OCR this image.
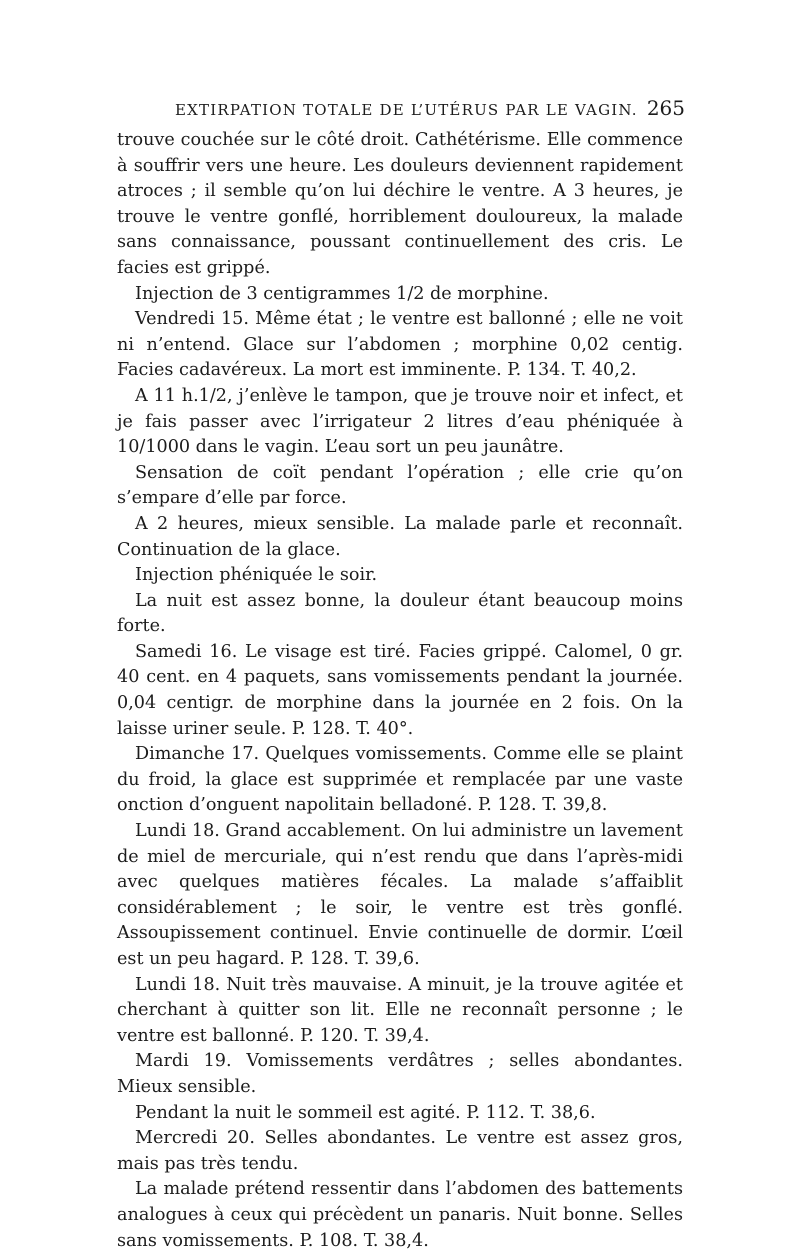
EXTIRPATION TOTALE DE L’UTÉRUS PAR LE VAGIN. 265

trouve couchée sur le côté droit. Cathétérisme. Elle commence à souffrir vers une heure. Les douleurs deviennent rapidement atroces ; il semble qu’on lui déchire le ventre. A 3 heures, je trouve le ventre gonflé, horriblement douloureux, la malade sans connaissance, poussant continuellement des cris. Le facies est grippé.

Injection de 3 centigrammes 1/2 de morphine.

Vendredi 15. Même état ; le ventre est ballonné ; elle ne voit ni n’entend. Glace sur l’abdomen ; morphine 0,02 centig. Facies cadavéreux. La mort est imminente. P. 134. T. 40,2.

A 11 h.1/2, j’enlève le tampon, que je trouve noir et infect, et je fais passer avec l’irrigateur 2 litres d’eau phéniquée à 10/1000 dans le vagin. L’eau sort un peu jaunâtre.

Sensation de coït pendant l’opération ; elle crie qu’on s’empare d’elle par force.

A 2 heures, mieux sensible. La malade parle et reconnaît. Continuation de la glace.

Injection phéniquée le soir.

La nuit est assez bonne, la douleur étant beaucoup moins forte.

Samedi 16. Le visage est tiré. Facies grippé. Calomel, 0 gr. 40 cent. en 4 paquets, sans vomissements pendant la journée. 0,04 centigr. de morphine dans la journée en 2 fois. On la laisse uriner seule. P. 128. T. 40°.

Dimanche 17. Quelques vomissements. Comme elle se plaint du froid, la glace est supprimée et remplacée par une vaste onction d’onguent napolitain belladoné. P. 128. T. 39,8.

Lundi 18. Grand accablement. On lui administre un lavement de miel de mercuriale, qui n’est rendu que dans l’après-midi avec quelques matières fécales. La malade s’affaiblit considérablement ; le soir, le ventre est très gonflé. Assoupissement continuel. Envie continuelle de dormir. L’œil est un peu hagard. P. 128. T. 39,6.

Lundi 18. Nuit très mauvaise. A minuit, je la trouve agitée et cherchant à quitter son lit. Elle ne reconnaît personne ; le ventre est ballonné. P. 120. T. 39,4.

Mardi 19. Vomissements verdâtres ; selles abondantes. Mieux sensible.

Pendant la nuit le sommeil est agité. P. 112. T. 38,6.

Mercredi 20. Selles abondantes. Le ventre est assez gros, mais pas très tendu.

La malade prétend ressentir dans l’abdomen des battements analogues à ceux qui précèdent un panaris. Nuit bonne. Selles sans vomissements. P. 108. T. 38,4.
